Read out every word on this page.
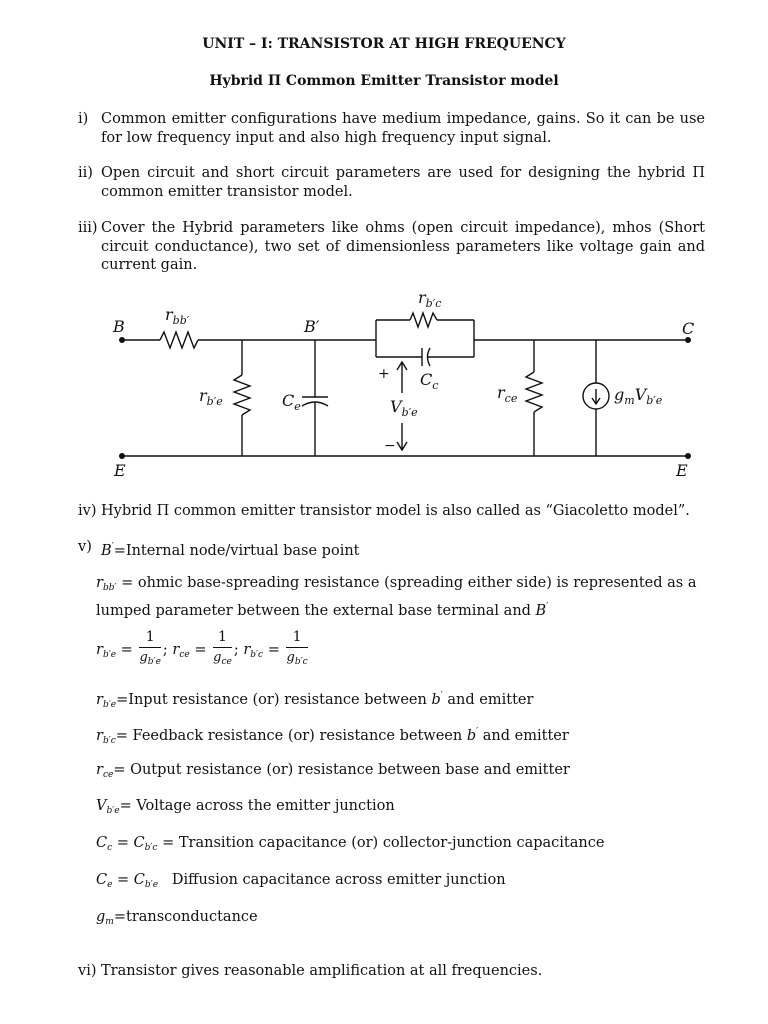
UNIT – I: TRANSISTOR AT HIGH FREQUENCY
Hybrid Π Common Emitter Transistor model
i) Common emitter configurations have medium impedance, gains. So it can be use for low frequency input and also high frequency input signal.
ii) Open circuit and short circuit parameters are used for designing the hybrid Π common emitter transistor model.
iii) Cover the Hybrid parameters like ohms (open circuit impedance), mhos (Short circuit conductance), two set of dimensionless parameters like voltage gain and current gain.
B	B′	C
E	E
$r_{bb'}$
$r_{b'c}$
$C_c$
$r_{b'e}$	$C_e$	$V_{b'e}$
+
−
$r_{ce}$	$g_mV_{b'e}$
iv) Hybrid Π common emitter transistor model is also called as “Giacoletto model”.
v) B′=Internal node/virtual base point
$r_{bb'}$ = ohmic base-spreading resistance (spreading either side) is represented as a lumped parameter between the external base terminal and B′
$r_{b'e} = \frac{1}{g_{b'e}}$ ; $r_{ce} = \frac{1}{g_{ce}}$ ; $r_{b'c} = \frac{1}{g_{b'c}}$
$r_{b'e}=Input$ resistance (or) resistance between b′ and emitter
$r_{b'c}=$ Feedback resistance (or) resistance between b′ and emitter
$r_{ce}=$ Output resistance (or) resistance between base and emitter
$V_{b'e}=$ Voltage across the emitter junction
$C_c = C_{b'c}$ = Transition capacitance (or) collector-junction capacitance
$C_e = C_{b'e}$   Diffusion capacitance across emitter junction
$g_m=transconductance$
vi) Transistor gives reasonable amplification at all frequencies.
